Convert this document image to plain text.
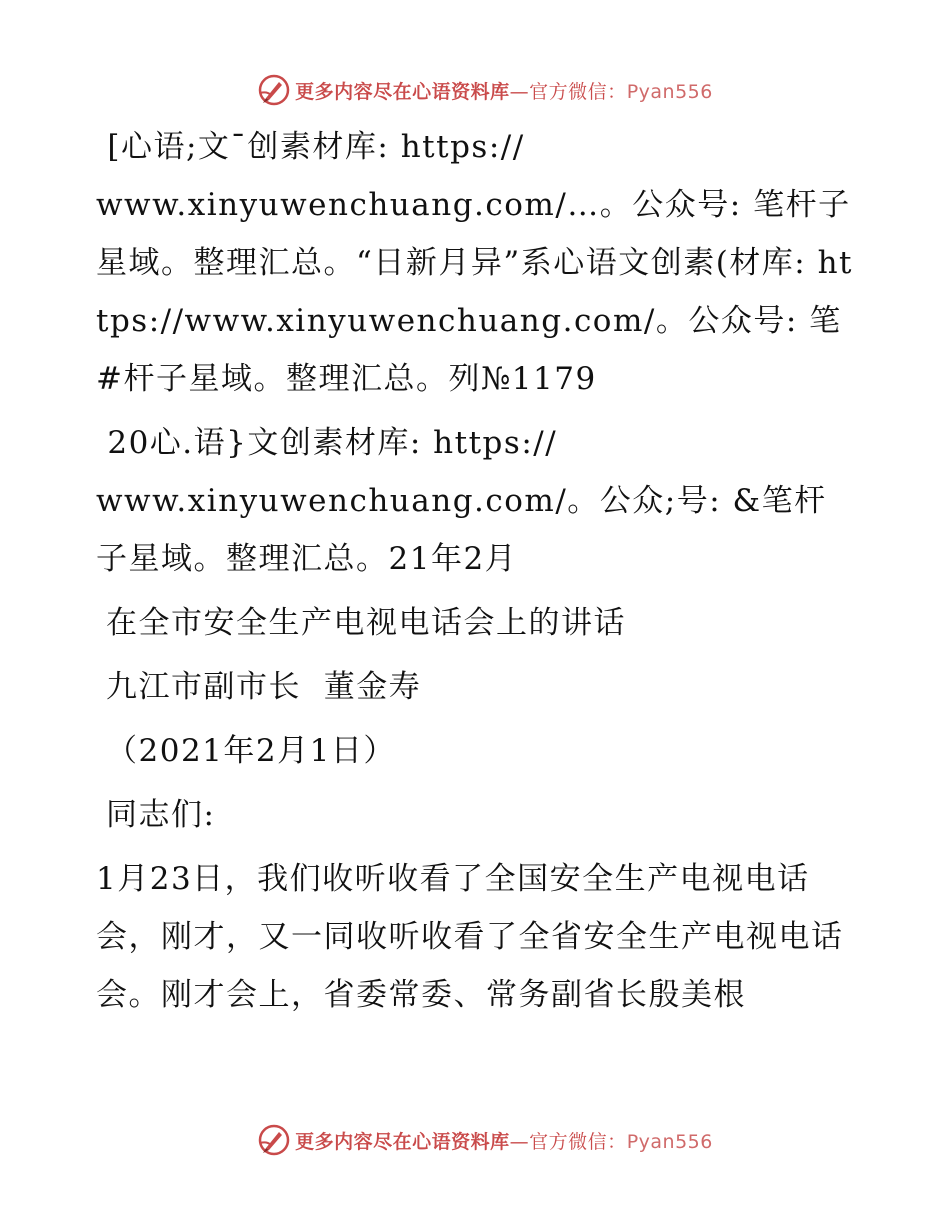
更多内容尽在心语资料库—官方微信：Pyan556

[心语;文¯创素材库: https://
www.xinyuwenchuang.com/…。公众号: 笔杆子星域。整理汇总。“日新月异”系心语文创素(材库: https://www.xinyuwenchuang.com/。公众号: 笔#杆子星域。整理汇总。列№1179

20心.语}文创素材库: https://
www.xinyuwenchuang.com/。公众;号: &笔杆子星域。整理汇总。21年2月

在全市安全生产电视电话会上的讲话

九江市副市长  董金寿

（2021年2月1日）

同志们:

1月23日，我们收听收看了全国安全生产电视电话会，刚才，又一同收听收看了全省安全生产电视电话会。刚才会上，省委常委、常务副省长殷美根

更多内容尽在心语资料库—官方微信：Pyan556
